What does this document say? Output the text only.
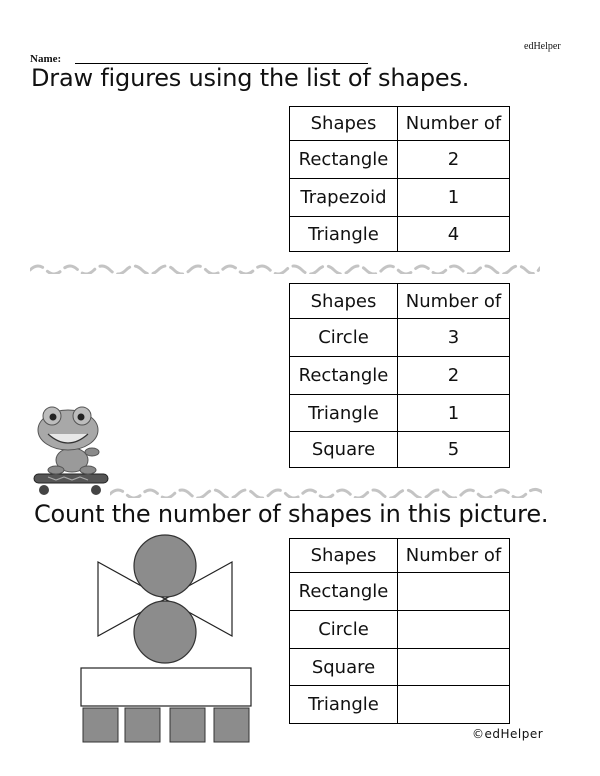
edHelper
Name:
Draw figures using the list of shapes.
Shapes	Number of
Rectangle	2
Trapezoid	1
Triangle	4
Shapes	Number of
Circle	3
Rectangle	2
Triangle	1
Square	5
Count the number of shapes in this picture.
Shapes	Number of
Rectangle	
Circle	
Square	
Triangle	
©edHelper
